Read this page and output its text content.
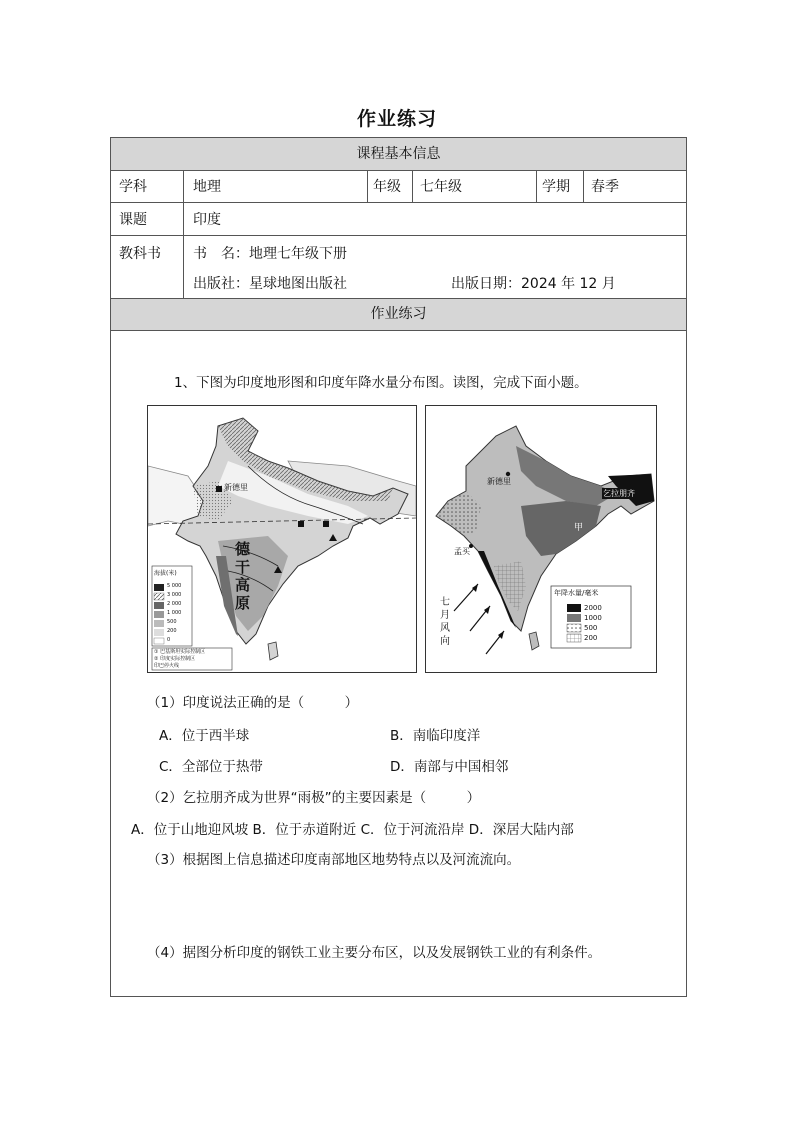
作业练习
课程基本信息
学科	地理	年级 七年级	学期 春季
课题	印度
教科书 书　名：地理七年级下册
出版社：星球地图出版社	出版日期：2024 年 12 月
作业练习
1、下图为印度地形图和印度年降水量分布图。读图，完成下面小题。
新德里
德
干
高
原
海拔(米)
5 000
3 000
2 000
1 000
500
200
0
① 巴基斯坦实际控制区
② 印度实际控制区
印巴停火线
新德里
乞拉朋齐
孟买
甲
七
月
风
向
年降水量/毫米
2000
1000
500
200
（1）印度说法正确的是（　　　）
A．位于西半球	B．南临印度洋
C．全部位于热带	D．南部与中国相邻
（2）乞拉朋齐成为世界“雨极”的主要因素是（　　　）
A．位于山地迎风坡 B．位于赤道附近 C．位于河流沿岸 D．深居大陆内部
（3）根据图上信息描述印度南部地区地势特点以及河流流向。
（4）据图分析印度的钢铁工业主要分布区，以及发展钢铁工业的有利条件。
